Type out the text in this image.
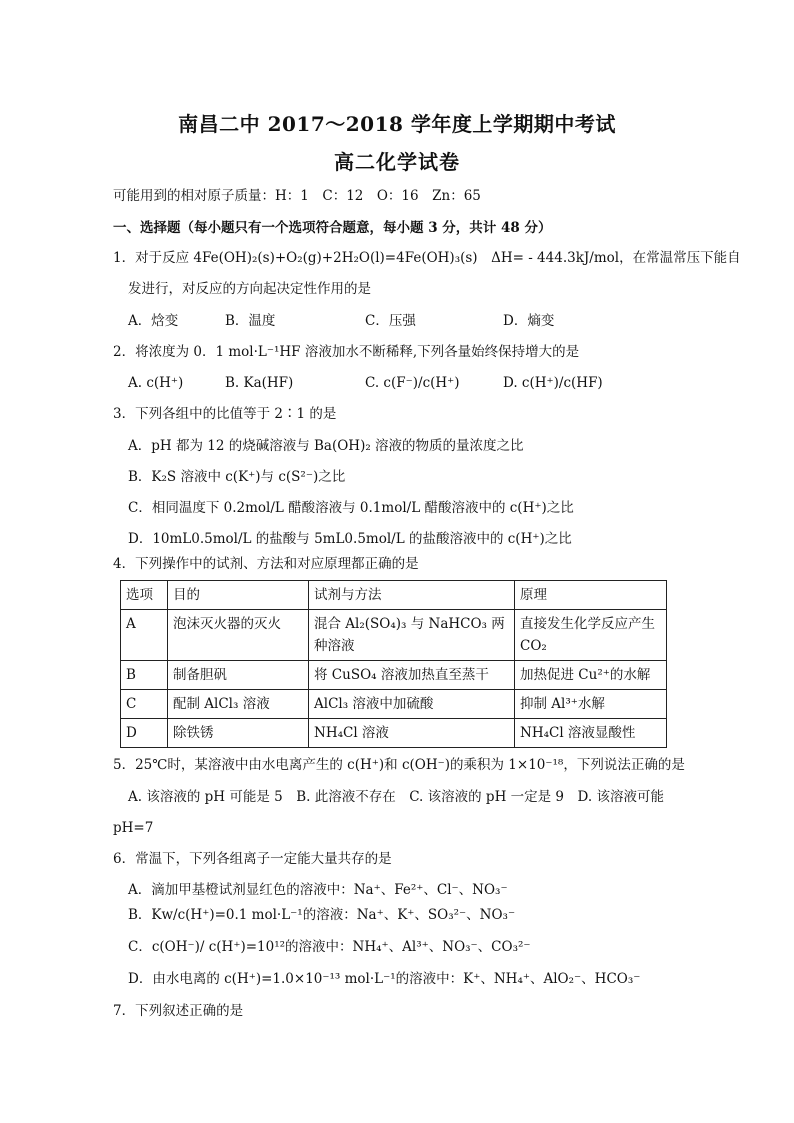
南昌二中 2017～2018 学年度上学期期中考试
高二化学试卷
可能用到的相对原子质量：H：1　C：12　O：16　Zn：65
一、选择题（每小题只有一个选项符合题意，每小题 3 分，共计 48 分）
1．对于反应 4Fe(OH)₂(s)+O₂(g)+2H₂O(l)=4Fe(OH)₃(s)　ΔH= - 444.3kJ/mol，在常温常压下能自
发进行，对反应的方向起决定性作用的是
A．焓变	B．温度	C．压强	D．熵变
2．将浓度为 0．1 mol·L⁻¹HF 溶液加水不断稀释,下列各量始终保持增大的是
A. c(H⁺)	B. Ka(HF)	C. c(F⁻)/c(H⁺)	D. c(H⁺)/c(HF)
3．下列各组中的比值等于 2∶1 的是
A．pH 都为 12 的烧碱溶液与 Ba(OH)₂ 溶液的物质的量浓度之比
B．K₂S 溶液中 c(K⁺)与 c(S²⁻)之比
C．相同温度下 0.2mol/L 醋酸溶液与 0.1mol/L 醋酸溶液中的 c(H⁺)之比
D．10mL0.5mol/L 的盐酸与 5mL0.5mol/L 的盐酸溶液中的 c(H⁺)之比
4．下列操作中的试剂、方法和对应原理都正确的是
选项	目的	试剂与方法	原理
A	泡沫灭火器的灭火	混合 Al₂(SO₄)₃ 与 NaHCO₃ 两种溶液	直接发生化学反应产生 CO₂
B	制备胆矾	将 CuSO₄ 溶液加热直至蒸干	加热促进 Cu²⁺的水解
C	配制 AlCl₃ 溶液	AlCl₃ 溶液中加硫酸	抑制 Al³⁺水解
D	除铁锈	NH₄Cl 溶液	NH₄Cl 溶液显酸性
5．25℃时，某溶液中由水电离产生的 c(H⁺)和 c(OH⁻)的乘积为 1×10⁻¹⁸，下列说法正确的是
A. 该溶液的 pH 可能是 5　B. 此溶液不存在　C. 该溶液的 pH 一定是 9　D. 该溶液可能
pH=7
6．常温下，下列各组离子一定能大量共存的是
A．滴加甲基橙试剂显红色的溶液中：Na⁺、Fe²⁺、Cl⁻、NO₃⁻
B．Kw/c(H⁺)=0.1 mol·L⁻¹的溶液：Na⁺、K⁺、SO₃²⁻、NO₃⁻
C．c(OH⁻)/ c(H⁺)=10¹²的溶液中：NH₄⁺、Al³⁺、NO₃⁻、CO₃²⁻
D．由水电离的 c(H⁺)=1.0×10⁻¹³ mol·L⁻¹的溶液中：K⁺、NH₄⁺、AlO₂⁻、HCO₃⁻
7．下列叙述正确的是
